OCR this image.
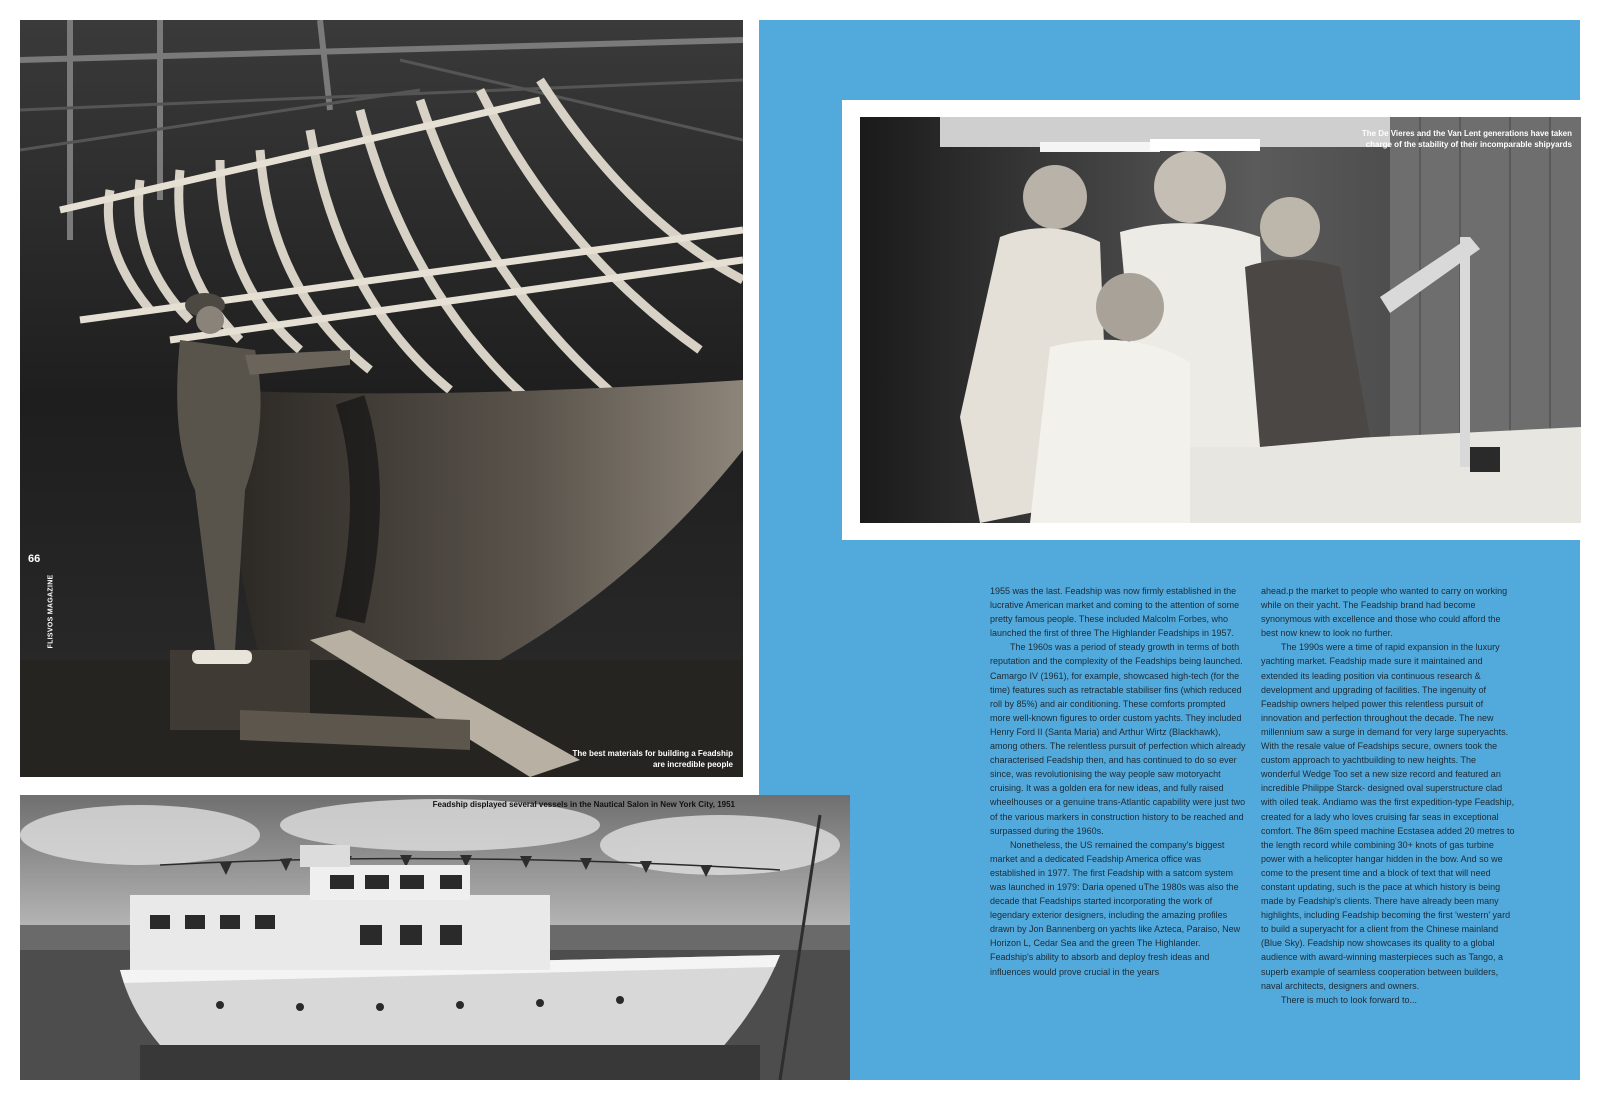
The best materials for building a Feadship are incredible people
66
FLISVOS MAGAZINE
The De Vieres and the Van Lent generations have taken charge of the stability of their incomparable shipyards
Feadship displayed several vessels in the Nautical Salon in New York City, 1951

1955 was the last. Feadship was now firmly established in the lucrative American market and coming to the attention of some pretty famous people. These included Malcolm Forbes, who launched the first of three The Highlander Feadships in 1957.

The 1960s was a period of steady growth in terms of both reputation and the complexity of the Feadships being launched. Camargo IV (1961), for example, showcased high-tech (for the time) features such as retractable stabiliser fins (which reduced roll by 85%) and air conditioning. These comforts prompted more well-known figures to order custom yachts. They included Henry Ford II (Santa Maria) and Arthur Wirtz (Blackhawk), among others. The relentless pursuit of perfection which already characterised Feadship then, and has continued to do so ever since, was revolutionising the way people saw motoryacht cruising. It was a golden era for new ideas, and fully raised wheelhouses or a genuine trans-Atlantic capability were just two of the various markers in construction history to be reached and surpassed during the 1960s.

Nonetheless, the US remained the company's biggest market and a dedicated Feadship America office was established in 1977. The first Feadship with a satcom system was launched in 1979: Daria opened uThe 1980s was also the decade that Feadships started incorporating the work of legendary exterior designers, including the amazing profiles drawn by Jon Bannenberg on yachts like Azteca, Paraiso, New Horizon L, Cedar Sea and the green The Highlander. Feadship's ability to absorb and deploy fresh ideas and influences would prove crucial in the years

ahead.p the market to people who wanted to carry on working while on their yacht. The Feadship brand had become synonymous with excellence and those who could afford the best now knew to look no further.

The 1990s were a time of rapid expansion in the luxury yachting market. Feadship made sure it maintained and extended its leading position via continuous research & development and upgrading of facilities. The ingenuity of Feadship owners helped power this relentless pursuit of innovation and perfection throughout the decade. The new millennium saw a surge in demand for very large superyachts. With the resale value of Feadships secure, owners took the custom approach to yachtbuilding to new heights. The wonderful Wedge Too set a new size record and featured an incredible Philippe Starck- designed oval superstructure clad with oiled teak. Andiamo was the first expedition-type Feadship, created for a lady who loves cruising far seas in exceptional comfort. The 86m speed machine Ecstasea added 20 metres to the length record while combining 30+ knots of gas turbine power with a helicopter hangar hidden in the bow. And so we come to the present time and a block of text that will need constant updating, such is the pace at which history is being made by Feadship's clients. There have already been many highlights, including Feadship becoming the first 'western' yard to build a superyacht for a client from the Chinese mainland (Blue Sky). Feadship now showcases its quality to a global audience with award-winning masterpieces such as Tango, a superb example of seamless cooperation between builders, naval architects, designers and owners.

There is much to look forward to...
